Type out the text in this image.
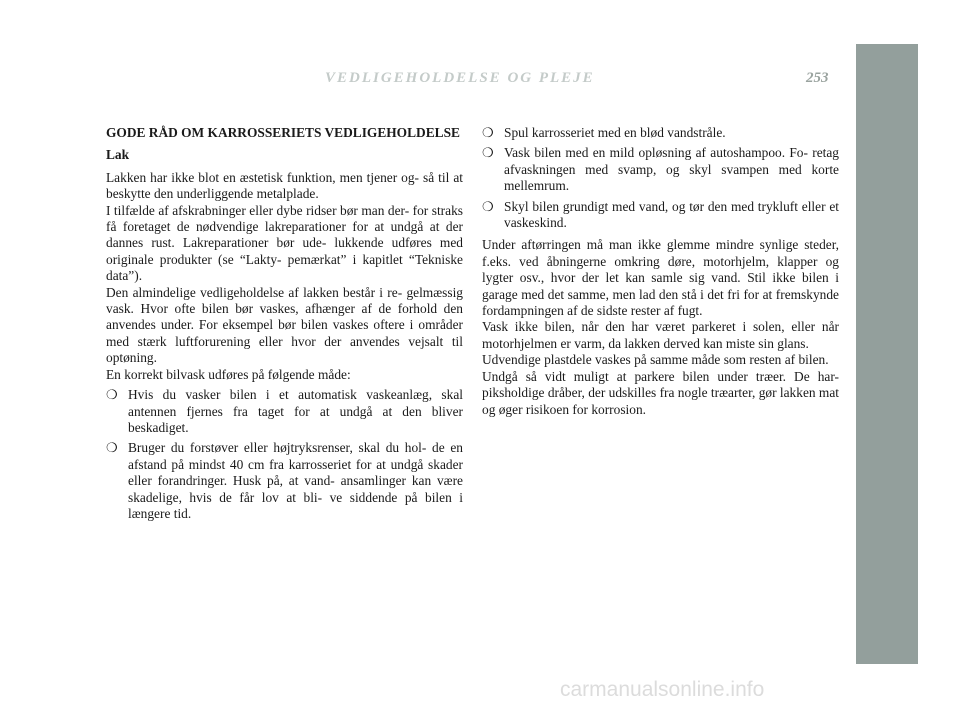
VEDLIGEHOLDELSE OG PLEJE	253

GODE RÅD OM KARROSSERIETS VEDLIGEHOLDELSE

Lak

Lakken har ikke blot en æstetisk funktion, men tjener og- så til at beskytte den underliggende metalplade.

I tilfælde af afskrabninger eller dybe ridser bør man der- for straks få foretaget de nødvendige lakreparationer for at undgå at der dannes rust. Lakreparationer bør ude- lukkende udføres med originale produkter (se “Lakty- pemærkat” i kapitlet “Tekniske data”).

Den almindelige vedligeholdelse af lakken består i re- gelmæssig vask. Hvor ofte bilen bør vaskes, afhænger af de forhold den anvendes under. For eksempel bør bilen vaskes oftere i områder med stærk luftforurening eller hvor der anvendes vejsalt til optøning.

En korrekt bilvask udføres på følgende måde:

❍ Hvis du vasker bilen i et automatisk vaskeanlæg, skal antennen fjernes fra taget for at undgå at den bliver beskadiget.
❍ Bruger du forstøver eller højtryksrenser, skal du hol- de en afstand på mindst 40 cm fra karrosseriet for at undgå skader eller forandringer. Husk på, at vand- ansamlinger kan være skadelige, hvis de får lov at bli- ve siddende på bilen i længere tid.
❍ Spul karrosseriet med en blød vandstråle.
❍ Vask bilen med en mild opløsning af autoshampoo. Fo- retag afvaskningen med svamp, og skyl svampen med korte mellemrum.
❍ Skyl bilen grundigt med vand, og tør den med trykluft eller et vaskeskind.

Under aftørringen må man ikke glemme mindre synlige steder, f.eks. ved åbningerne omkring døre, motorhjelm, klapper og lygter osv., hvor der let kan samle sig vand. Stil ikke bilen i garage med det samme, men lad den stå i det fri for at fremskynde fordampningen af de sidste rester af fugt.

Vask ikke bilen, når den har været parkeret i solen, eller når motorhjelmen er varm, da lakken derved kan miste sin glans.

Udvendige plastdele vaskes på samme måde som resten af bilen.

Undgå så vidt muligt at parkere bilen under træer. De har- piksholdige dråber, der udskilles fra nogle træarter, gør lakken mat og øger risikoen for korrosion.

carmanualsonline.info
